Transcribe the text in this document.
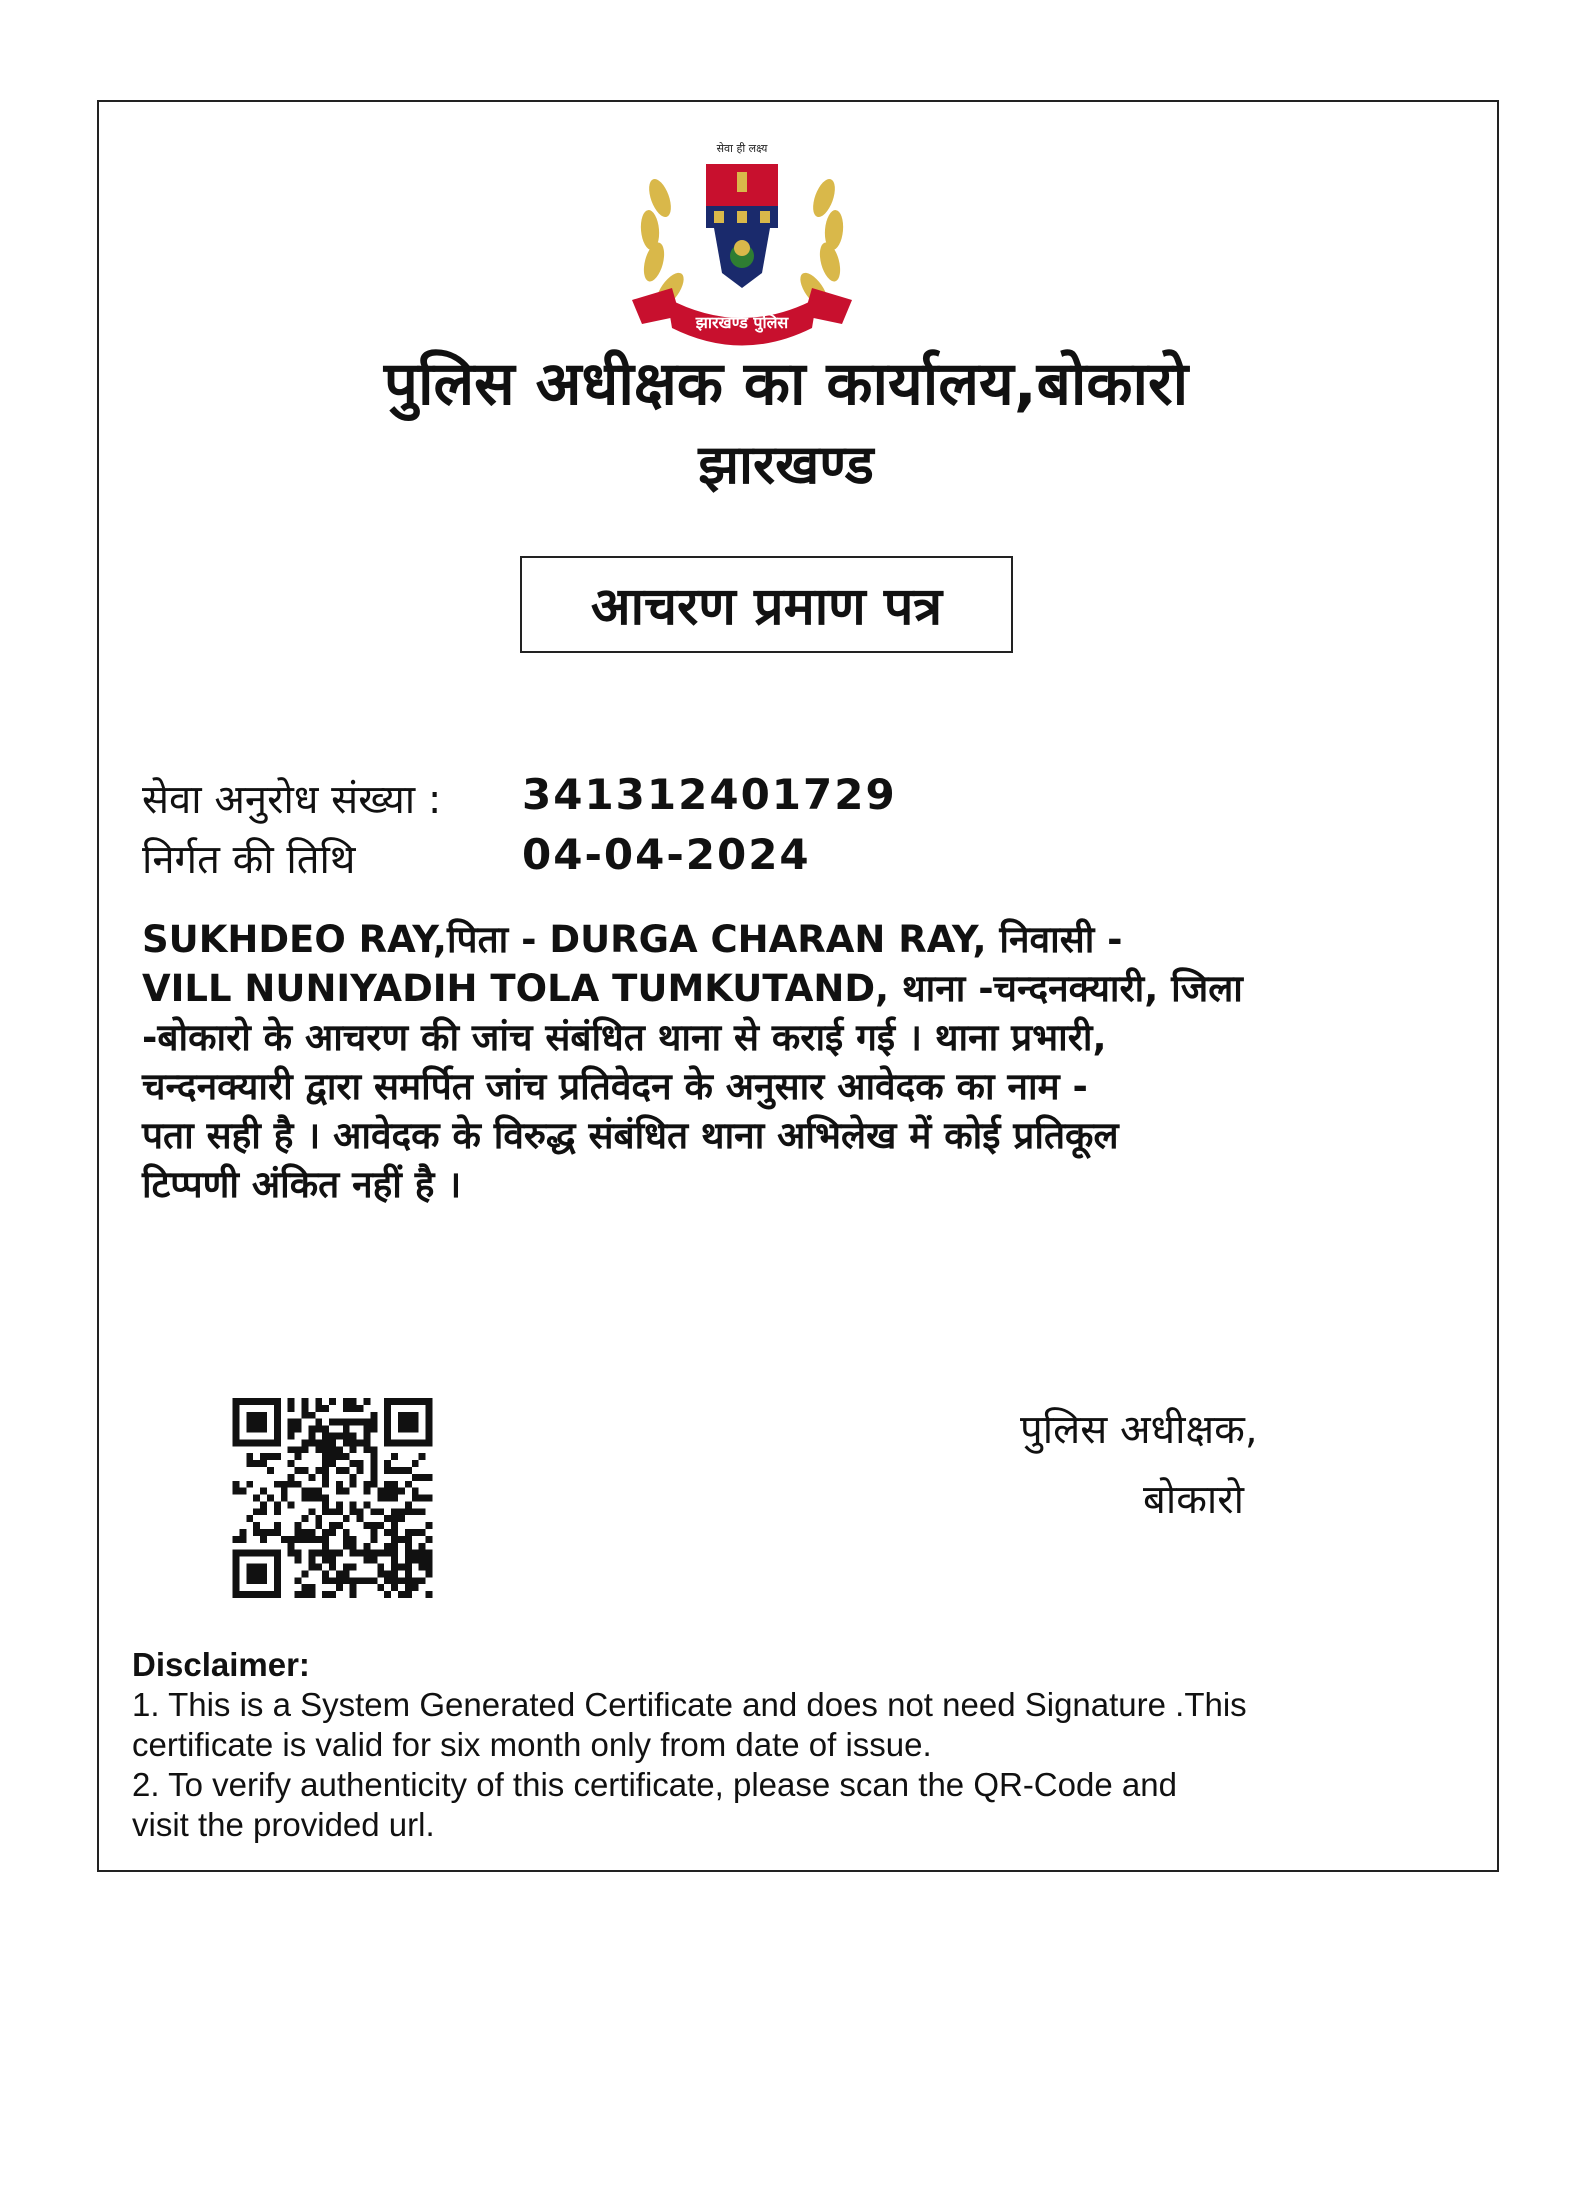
सेवा ही लक्ष्य
झारखण्ड पुलिस
पुलिस अधीक्षक का कार्यालय,बोकारो
झारखण्ड
आचरण प्रमाण पत्र
सेवा अनुरोध संख्या : 341312401729
निर्गत की तिथि	04-04-2024
SUKHDEO RAY,पिता - DURGA CHARAN RAY, निवासी -
VILL NUNIYADIH TOLA TUMKUTAND, थाना -चन्दनक्यारी, जिला
-बोकारो के आचरण की जांच संबंधित थाना से कराई गई । थाना प्रभारी,
चन्दनक्यारी द्वारा समर्पित जांच प्रतिवेदन के अनुसार आवेदक का नाम -
पता सही है । आवेदक के विरुद्ध संबंधित थाना अभिलेख में कोई प्रतिकूल
टिप्पणी अंकित नहीं है ।
पुलिस अधीक्षक,
बोकारो
Disclaimer:
1. This is a System Generated Certificate and does not need Signature .This
certificate is valid for six month only from date of issue.
2. To verify authenticity of this certificate, please scan the QR-Code and
visit the provided url.
